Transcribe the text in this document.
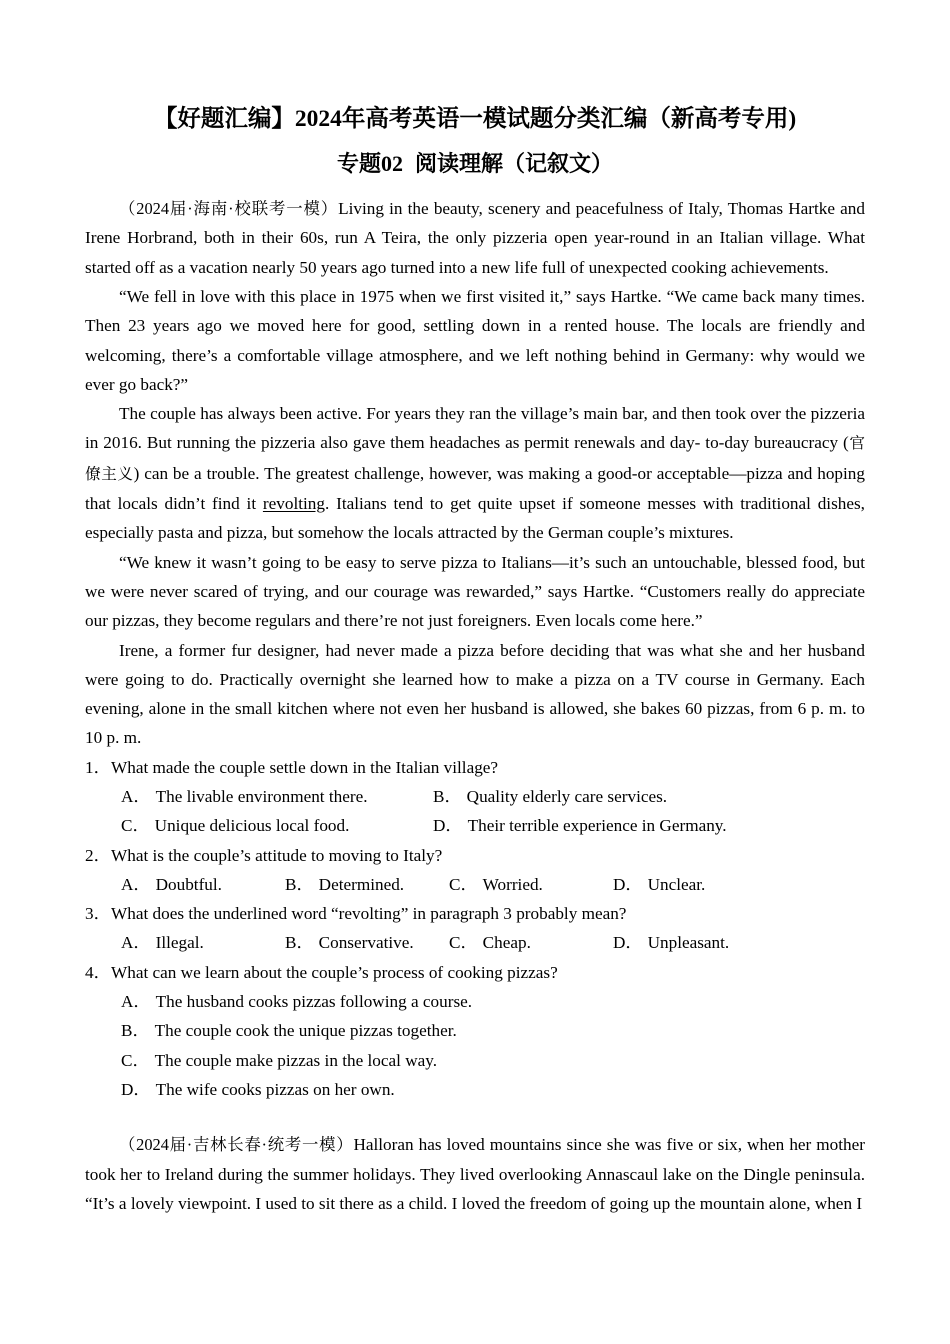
【好题汇编】2024年高考英语一模试题分类汇编（新高考专用)
专题02 阅读理解（记叙文）

（2024届·海南·校联考一模）Living in the beauty, scenery and peacefulness of Italy, Thomas Hartke and Irene Horbrand, both in their 60s, run A Teira, the only pizzeria open year-round in an Italian village. What started off as a vacation nearly 50 years ago turned into a new life full of unexpected cooking achievements.

“We fell in love with this place in 1975 when we first visited it,” says Hartke. “We came back many times. Then 23 years ago we moved here for good, settling down in a rented house. The locals are friendly and welcoming, there’s a comfortable village atmosphere, and we left nothing behind in Germany: why would we ever go back?”

The couple has always been active. For years they ran the village’s main bar, and then took over the pizzeria in 2016. But running the pizzeria also gave them headaches as permit renewals and day- to-day bureaucracy (官僚主义) can be a trouble. The greatest challenge, however, was making a good-or acceptable—pizza and hoping that locals didn’t find it revolting. Italians tend to get quite upset if someone messes with traditional dishes, especially pasta and pizza, but somehow the locals attracted by the German couple’s mixtures.

“We knew it wasn’t going to be easy to serve pizza to Italians—it’s such an untouchable, blessed food, but we were never scared of trying, and our courage was rewarded,” says Hartke. “Customers really do appreciate our pizzas, they become regulars and there’re not just foreigners. Even locals come here.”

Irene, a former fur designer, had never made a pizza before deciding that was what she and her husband were going to do. Practically overnight she learned how to make a pizza on a TV course in Germany. Each evening, alone in the small kitchen where not even her husband is allowed, she bakes 60 pizzas, from 6 p. m. to 10 p. m.

1．What made the couple settle down in the Italian village?
A． The livable environment there.	B． Quality elderly care services.
C． Unique delicious local food.	D． Their terrible experience in Germany.
2．What is the couple’s attitude to moving to Italy?
A． Doubtful.	B． Determined.	C． Worried.	D． Unclear.
3．What does the underlined word “revolting” in paragraph 3 probably mean?
A． Illegal.	B． Conservative. C． Cheap.	D． Unpleasant.
4．What can we learn about the couple’s process of cooking pizzas?
A． The husband cooks pizzas following a course.
B． The couple cook the unique pizzas together.
C． The couple make pizzas in the local way.
D． The wife cooks pizzas on her own.

（2024届·吉林长春·统考一模）Halloran has loved mountains since she was five or six, when her mother took her to Ireland during the summer holidays. They lived overlooking Annascaul lake on the Dingle peninsula. “It’s a lovely viewpoint. I used to sit there as a child. I loved the freedom of going up the mountain alone, when I
